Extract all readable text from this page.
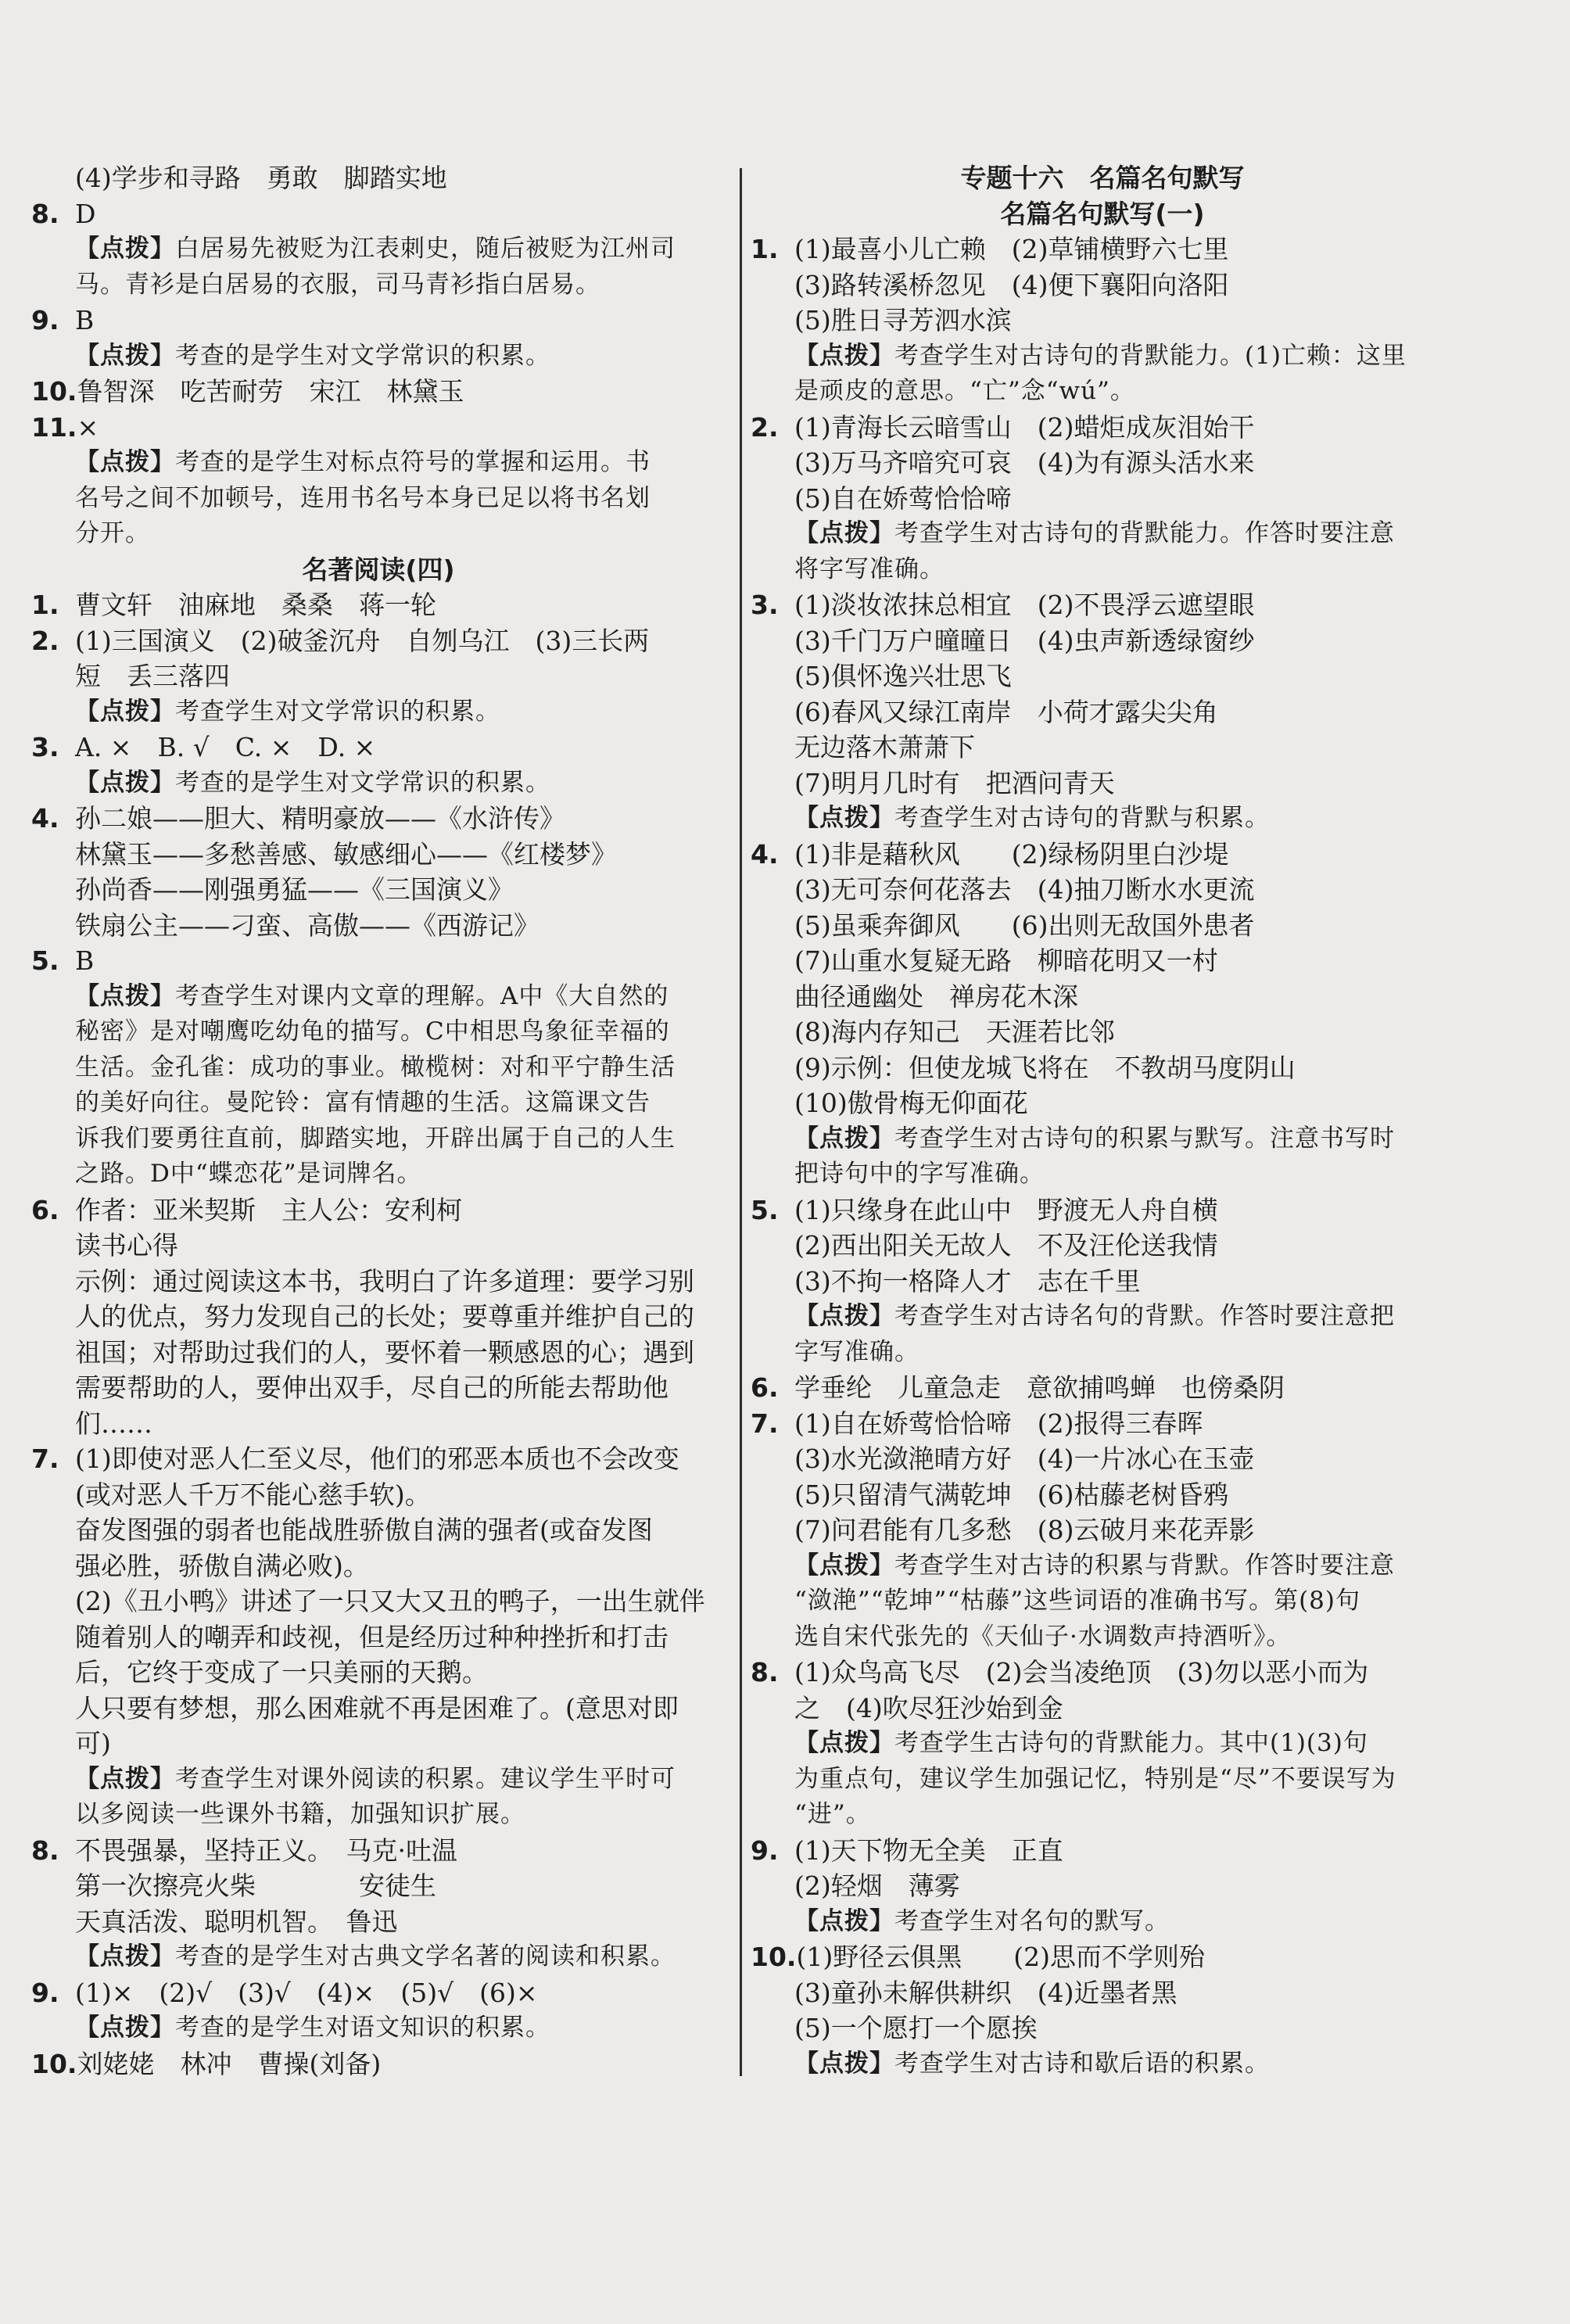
(4)学步和寻路　勇敢　脚踏实地
8. D
【点拨】白居易先被贬为江表刺史，随后被贬为江州司
马。青衫是白居易的衣服，司马青衫指白居易。
9. B
【点拨】考查的是学生对文学常识的积累。
10.鲁智深　吃苦耐劳　宋江　林黛玉
11.×
【点拨】考查的是学生对标点符号的掌握和运用。书
名号之间不加顿号，连用书名号本身已足以将书名划
分开。
名著阅读(四)
1. 曹文轩　油麻地　桑桑　蒋一轮
2. (1)三国演义　(2)破釜沉舟　自刎乌江　(3)三长两
短　丢三落四
【点拨】考查学生对文学常识的积累。
3. A. ×　B. √　C. ×　D. ×
【点拨】考查的是学生对文学常识的积累。
4. 孙二娘——胆大、精明豪放——《水浒传》
林黛玉——多愁善感、敏感细心——《红楼梦》
孙尚香——刚强勇猛——《三国演义》
铁扇公主——刁蛮、高傲——《西游记》
5. B
【点拨】考查学生对课内文章的理解。A中《大自然的
秘密》是对嘲鹰吃幼龟的描写。C中相思鸟象征幸福的
生活。金孔雀：成功的事业。橄榄树：对和平宁静生活
的美好向往。曼陀铃：富有情趣的生活。这篇课文告
诉我们要勇往直前，脚踏实地，开辟出属于自己的人生
之路。D中“蝶恋花”是词牌名。
6. 作者：亚米契斯　主人公：安利柯
读书心得
示例：通过阅读这本书，我明白了许多道理：要学习别
人的优点，努力发现自己的长处；要尊重并维护自己的
祖国；对帮助过我们的人，要怀着一颗感恩的心；遇到
需要帮助的人，要伸出双手，尽自己的所能去帮助他
们……
7. (1)即使对恶人仁至义尽，他们的邪恶本质也不会改变
(或对恶人千万不能心慈手软)。
奋发图强的弱者也能战胜骄傲自满的强者(或奋发图
强必胜，骄傲自满必败)。
(2)《丑小鸭》讲述了一只又大又丑的鸭子，一出生就伴
随着别人的嘲弄和歧视，但是经历过种种挫折和打击
后，它终于变成了一只美丽的天鹅。
人只要有梦想，那么困难就不再是困难了。(意思对即
可)
【点拨】考查学生对课外阅读的积累。建议学生平时可
以多阅读一些课外书籍，加强知识扩展。
8. 不畏强暴，坚持正义。　马克·吐温
第一次擦亮火柴　　　　安徒生
天真活泼、聪明机智。　鲁迅
【点拨】考查的是学生对古典文学名著的阅读和积累。
9. (1)×　(2)√　(3)√　(4)×　(5)√　(6)×
【点拨】考查的是学生对语文知识的积累。
10.刘姥姥　林冲　曹操(刘备)
专题十六　名篇名句默写
名篇名句默写(一)
1. (1)最喜小儿亡赖　(2)草铺横野六七里
(3)路转溪桥忽见　(4)便下襄阳向洛阳
(5)胜日寻芳泗水滨
【点拨】考查学生对古诗句的背默能力。(1)亡赖：这里
是顽皮的意思。“亡”念“wú”。
2. (1)青海长云暗雪山　(2)蜡炬成灰泪始干
(3)万马齐喑究可哀　(4)为有源头活水来
(5)自在娇莺恰恰啼
【点拨】考查学生对古诗句的背默能力。作答时要注意
将字写准确。
3. (1)淡妆浓抹总相宜　(2)不畏浮云遮望眼
(3)千门万户曈曈日　(4)虫声新透绿窗纱
(5)俱怀逸兴壮思飞
(6)春风又绿江南岸　小荷才露尖尖角
无边落木萧萧下
(7)明月几时有　把酒问青天
【点拨】考查学生对古诗句的背默与积累。
4. (1)非是藉秋风　　(2)绿杨阴里白沙堤
(3)无可奈何花落去　(4)抽刀断水水更流
(5)虽乘奔御风　　(6)出则无敌国外患者
(7)山重水复疑无路　柳暗花明又一村
曲径通幽处　禅房花木深
(8)海内存知己　天涯若比邻
(9)示例：但使龙城飞将在　不教胡马度阴山
(10)傲骨梅无仰面花
【点拨】考查学生对古诗句的积累与默写。注意书写时
把诗句中的字写准确。
5. (1)只缘身在此山中　野渡无人舟自横
(2)西出阳关无故人　不及汪伦送我情
(3)不拘一格降人才　志在千里
【点拨】考查学生对古诗名句的背默。作答时要注意把
字写准确。
6. 学垂纶　儿童急走　意欲捕鸣蝉　也傍桑阴
7. (1)自在娇莺恰恰啼　(2)报得三春晖
(3)水光潋滟晴方好　(4)一片冰心在玉壶
(5)只留清气满乾坤　(6)枯藤老树昏鸦
(7)问君能有几多愁　(8)云破月来花弄影
【点拨】考查学生对古诗的积累与背默。作答时要注意
“潋滟”“乾坤”“枯藤”这些词语的准确书写。第(8)句
选自宋代张先的《天仙子·水调数声持酒听》。
8. (1)众鸟高飞尽　(2)会当凌绝顶　(3)勿以恶小而为
之　(4)吹尽狂沙始到金
【点拨】考查学生古诗句的背默能力。其中(1)(3)句
为重点句，建议学生加强记忆，特别是“尽”不要误写为
“进”。
9. (1)天下物无全美　正直
(2)轻烟　薄雾
【点拨】考查学生对名句的默写。
10.(1)野径云俱黑　　(2)思而不学则殆
(3)童孙未解供耕织　(4)近墨者黑
(5)一个愿打一个愿挨
【点拨】考查学生对古诗和歇后语的积累。
